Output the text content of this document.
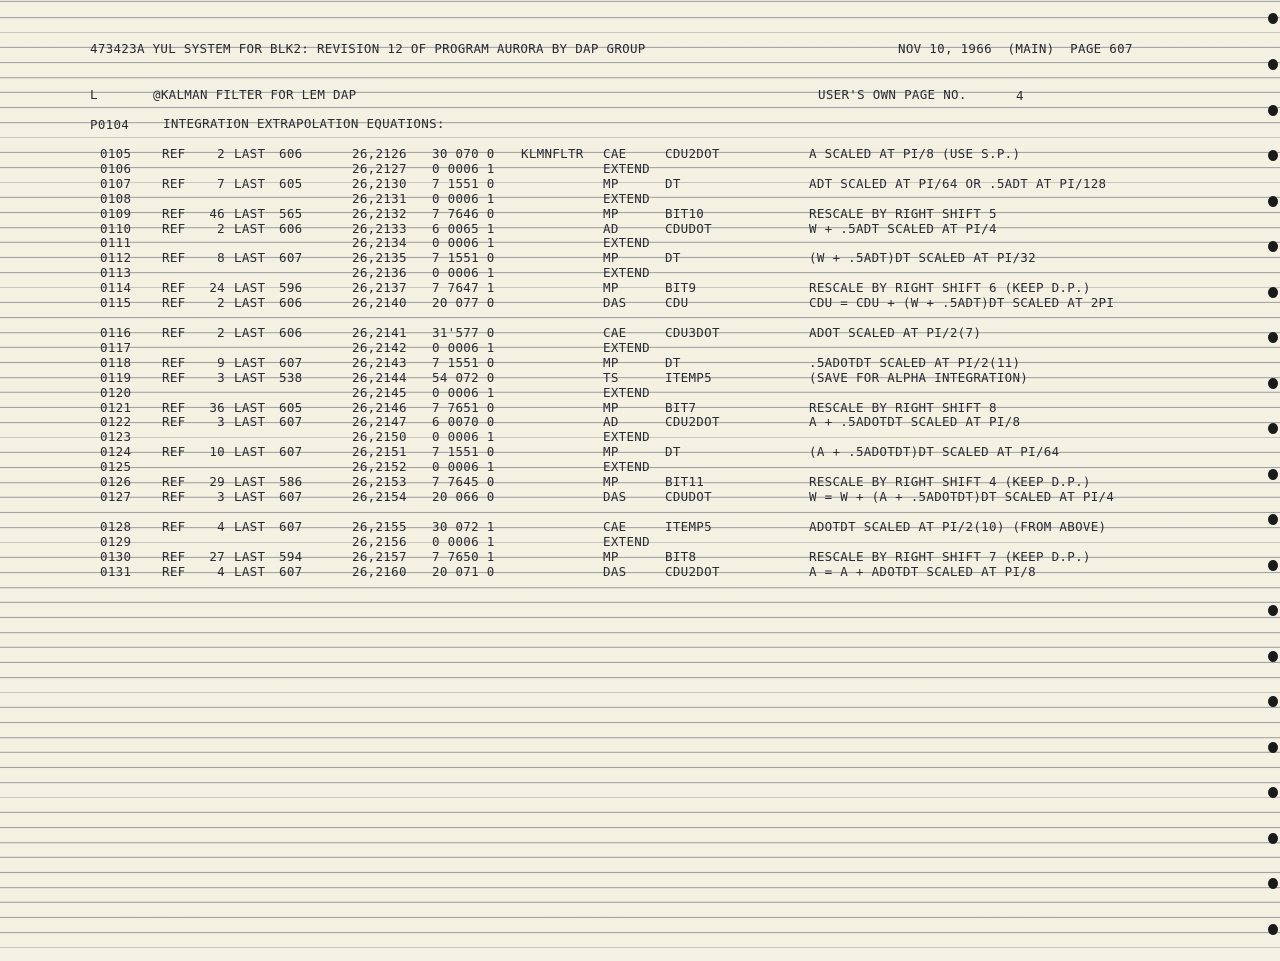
473423A YUL SYSTEM FOR BLK2: REVISION 12 OF PROGRAM AURORA BY DAP GROUP	NOV 10, 1966  (MAIN)  PAGE 607
L	@KALMAN FILTER FOR LEM DAP	USER'S OWN PAGE NO.	4
P0104	INTEGRATION EXTRAPOLATION EQUATIONS:
0105 REF	2 LAST 606	26,2126 30 070 0 KLMNFLTR CAE	CDU2DOT	A SCALED AT PI/8 (USE S.P.)
0106	26,2127 0 0006 1	EXTEND
0107 REF	7 LAST 605	26,2130 7 1551 0	MP	DT	ADT SCALED AT PI/64 OR .5ADT AT PI/128
0108	26,2131 0 0006 1	EXTEND
0109 REF 46 LAST 565	26,2132 7 7646 0	MP	BIT10	RESCALE BY RIGHT SHIFT 5
0110 REF	2 LAST 606	26,2133 6 0065 1	AD	CDUDOT	W + .5ADT SCALED AT PI/4
0111	26,2134 0 0006 1	EXTEND
0112 REF	8 LAST 607	26,2135 7 1551 0	MP	DT	(W + .5ADT)DT SCALED AT PI/32
0113	26,2136 0 0006 1	EXTEND
0114 REF 24 LAST 596	26,2137 7 7647 1	MP	BIT9	RESCALE BY RIGHT SHIFT 6 (KEEP D.P.)
0115 REF	2 LAST 606	26,2140 20 077 0	DAS	CDU	CDU = CDU + (W + .5ADT)DT SCALED AT 2PI
0116 REF	2 LAST 606	26,2141 31'577 0	CAE	CDU3DOT	ADOT SCALED AT PI/2(7)
0117	26,2142 0 0006 1	EXTEND
0118 REF	9 LAST 607	26,2143 7 1551 0	MP	DT	.5ADOTDT SCALED AT PI/2(11)
0119 REF	3 LAST 538	26,2144 54 072 0	TS	ITEMP5	(SAVE FOR ALPHA INTEGRATION)
0120	26,2145 0 0006 1	EXTEND
0121 REF 36 LAST 605	26,2146 7 7651 0	MP	BIT7	RESCALE BY RIGHT SHIFT 8
0122 REF	3 LAST 607	26,2147 6 0070 0	AD	CDU2DOT	A + .5ADOTDT SCALED AT PI/8
0123	26,2150 0 0006 1	EXTEND
0124 REF 10 LAST 607	26,2151 7 1551 0	MP	DT	(A + .5ADOTDT)DT SCALED AT PI/64
0125	26,2152 0 0006 1	EXTEND
0126 REF 29 LAST 586	26,2153 7 7645 0	MP	BIT11	RESCALE BY RIGHT SHIFT 4 (KEEP D.P.)
0127 REF	3 LAST 607	26,2154 20 066 0	DAS	CDUDOT	W = W + (A + .5ADOTDT)DT SCALED AT PI/4
0128 REF	4 LAST 607	26,2155 30 072 1	CAE	ITEMP5	ADOTDT SCALED AT PI/2(10) (FROM ABOVE)
0129	26,2156 0 0006 1	EXTEND
0130 REF 27 LAST 594	26,2157 7 7650 1	MP	BIT8	RESCALE BY RIGHT SHIFT 7 (KEEP D.P.)
0131 REF	4 LAST 607	26,2160 20 071 0	DAS	CDU2DOT	A = A + ADOTDT SCALED AT PI/8
